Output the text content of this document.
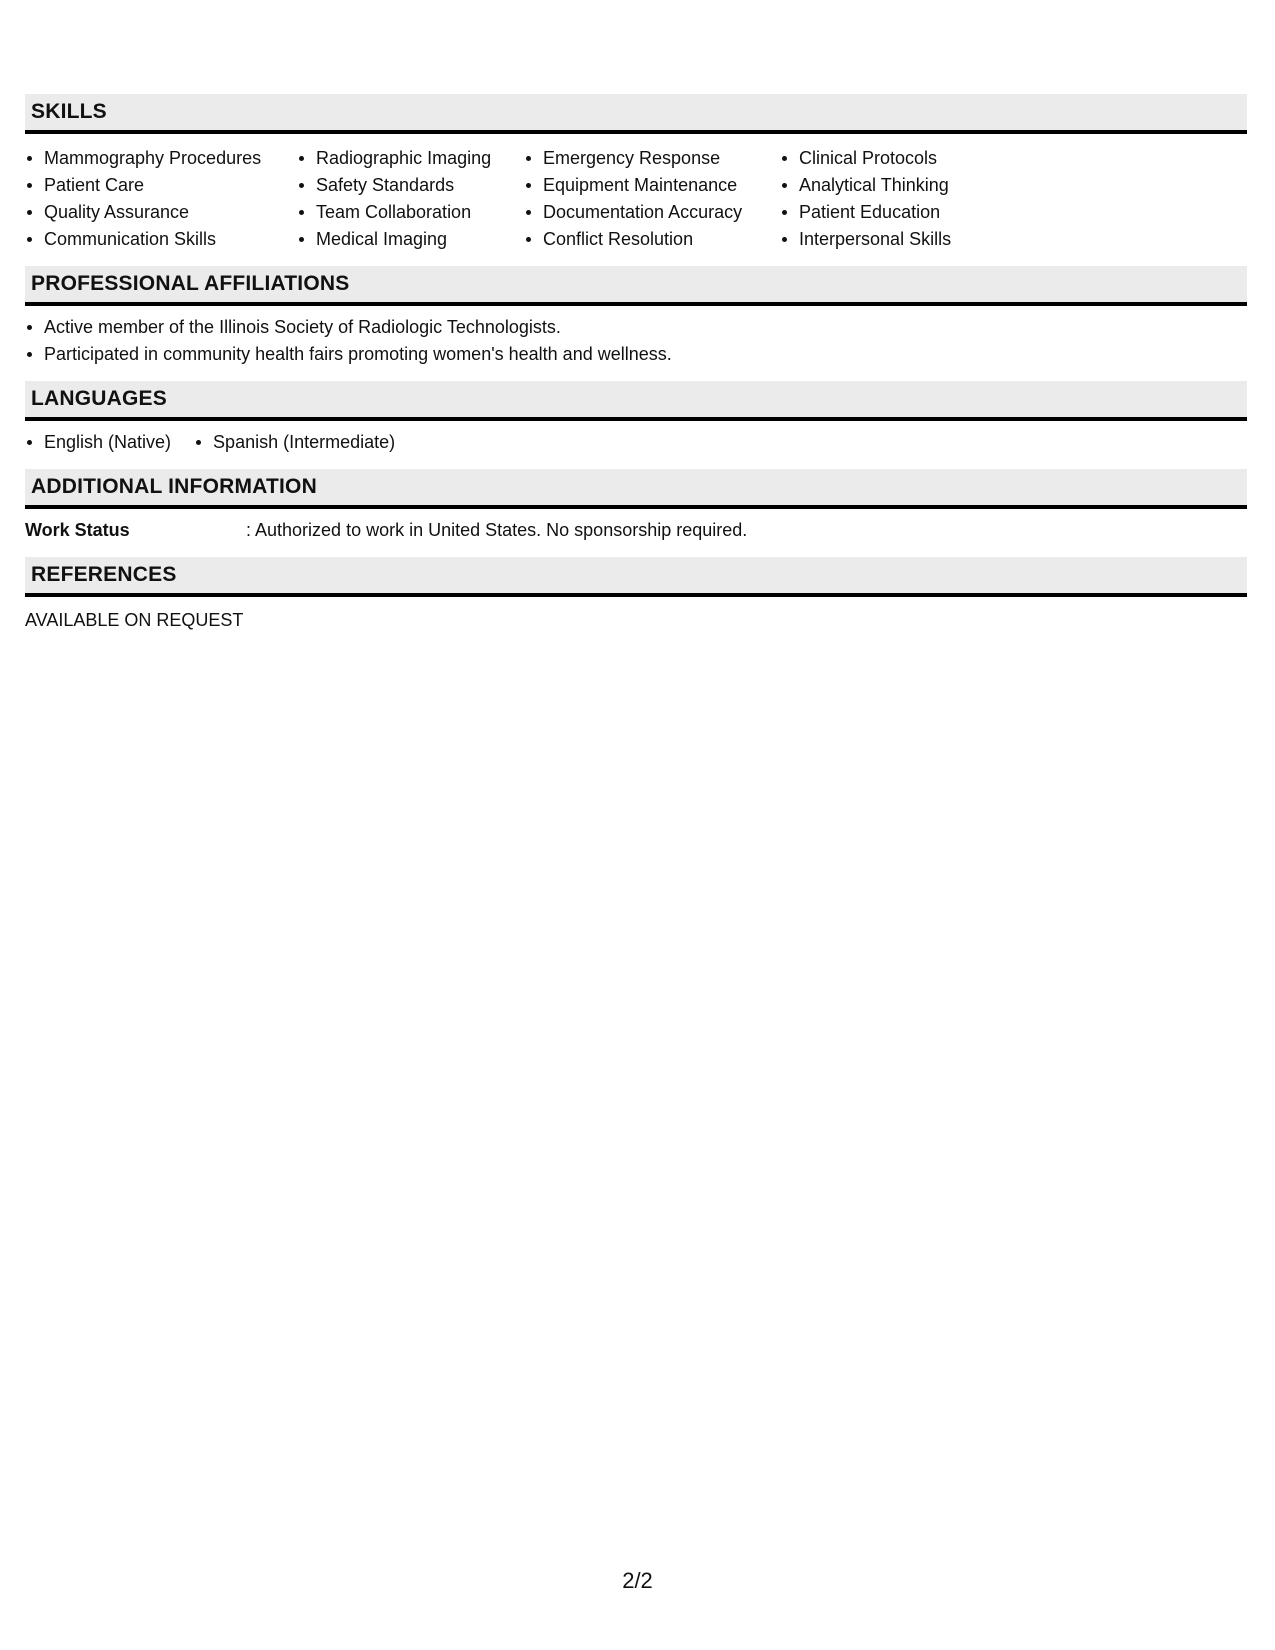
SKILLS
Mammography Procedures
Patient Care
Quality Assurance
Communication Skills
Radiographic Imaging
Safety Standards
Team Collaboration
Medical Imaging
Emergency Response
Equipment Maintenance
Documentation Accuracy
Conflict Resolution
Clinical Protocols
Analytical Thinking
Patient Education
Interpersonal Skills
PROFESSIONAL AFFILIATIONS
Active member of the Illinois Society of Radiologic Technologists.
Participated in community health fairs promoting women's health and wellness.
LANGUAGES
English (Native)	Spanish (Intermediate)
ADDITIONAL INFORMATION
Work Status	: Authorized to work in United States. No sponsorship required.
REFERENCES
AVAILABLE ON REQUEST
2/2
